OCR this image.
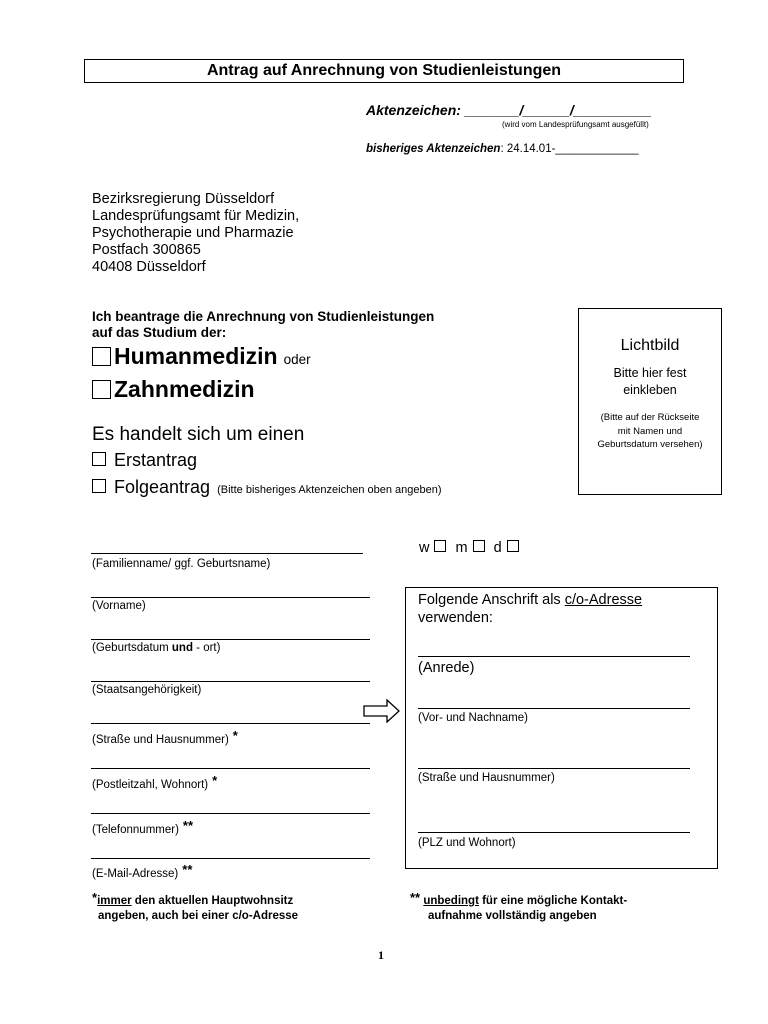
Antrag auf Anrechnung von Studienleistungen
Aktenzeichen: _______/______/__________
(wird vom Landesprüfungsamt ausgefüllt)
bisheriges Aktenzeichen: 24.14.01-_____________
Bezirksregierung Düsseldorf
Landesprüfungsamt für Medizin,
Psychotherapie und Pharmazie
Postfach 300865
40408 Düsseldorf
Ich beantrage die Anrechnung von Studienleistungen
auf das Studium der:
Humanmedizin oder
Zahnmedizin
Es handelt sich um einen
Erstantrag
Folgeantrag (Bitte bisheriges Aktenzeichen oben angeben)
Lichtbild
Bitte hier fest
einkleben
(Bitte auf der Rückseite
mit Namen und
Geburtsdatum versehen)
w m d
(Familienname/ ggf. Geburtsname)
(Vorname)
(Geburtsdatum und - ort)
(Staatsangehörigkeit)
(Straße und Hausnummer) *
(Postleitzahl, Wohnort) *
(Telefonnummer) **
(E-Mail-Adresse) **
Folgende Anschrift als c/o-Adresse
verwenden:
(Anrede)
(Vor- und Nachname)
(Straße und Hausnummer)
(PLZ und Wohnort)
*immer den aktuellen Hauptwohnsitz
angeben, auch bei einer c/o-Adresse
** unbedingt für eine mögliche Kontakt-
aufnahme vollständig angeben
1
